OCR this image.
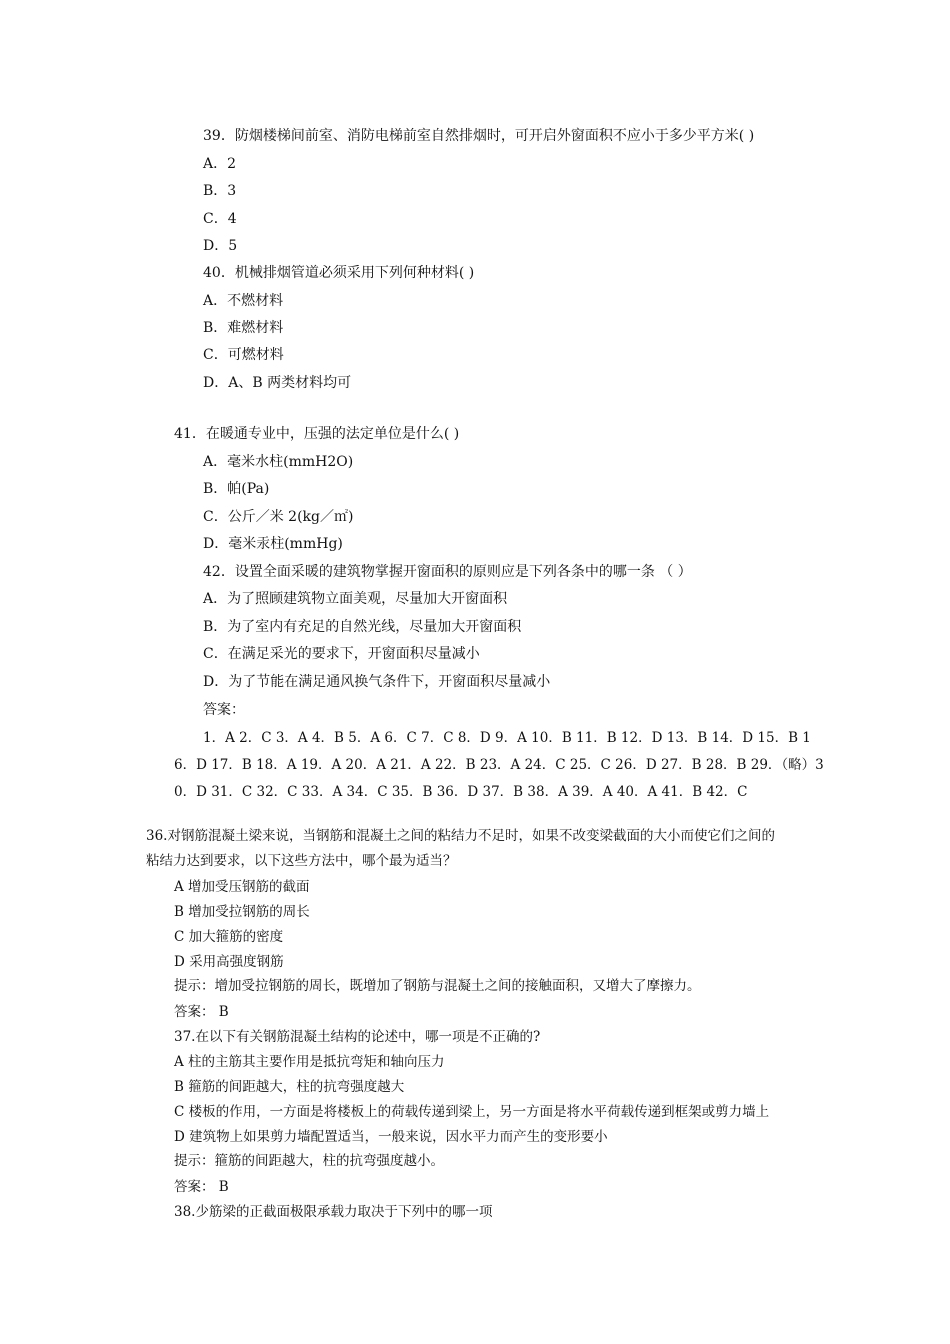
39．防烟楼梯间前室、消防电梯前室自然排烟时，可开启外窗面积不应小于多少平方米( )
A．2
B．3
C．4
D．5
40．机械排烟管道必须采用下列何种材料( )
A．不燃材料
B．难燃材料
C．可燃材料
D．A、B 两类材料均可
41．在暖通专业中，压强的法定单位是什么( )
A．毫米水柱(mmH2O)
B．帕(Pa)
C．公斤／米 2(kg／㎡)
D．毫米汞柱(mmHg)
42．设置全面采暖的建筑物掌握开窗面积的原则应是下列各条中的哪一条 （ ）
A．为了照顾建筑物立面美观，尽量加大开窗面积
B．为了室内有充足的自然光线，尽量加大开窗面积
C．在满足采光的要求下，开窗面积尽量减小
D．为了节能在满足通风换气条件下，开窗面积尽量减小
答案：
1．A 2．C 3．A 4．B 5．A 6．C 7．C 8．D 9．A 10．B 11．B 12．D 13．B 14．D 15．B 1
6．D 17．B 18．A 19．A 20．A 21．A 22．B 23．A 24．C 25．C 26．D 27．B 28．B 29．（略）3
0．D 31．C 32．C 33．A 34．C 35．B 36．D 37．B 38．A 39．A 40．A 41．B 42．C
36.对钢筋混凝土梁来说，当钢筋和混凝土之间的粘结力不足时，如果不改变梁截面的大小而使它们之间的
粘结力达到要求，以下这些方法中，哪个最为适当？
A 增加受压钢筋的截面
B 增加受拉钢筋的周长
C 加大箍筋的密度
D 采用高强度钢筋
提示：增加受拉钢筋的周长，既增加了钢筋与混凝土之间的接触面积，又增大了摩擦力。
答案： B
37.在以下有关钢筋混凝土结构的论述中，哪一项是不正确的?
A 柱的主筋其主要作用是抵抗弯矩和轴向压力
B 箍筋的间距越大，柱的抗弯强度越大
C 楼板的作用，一方面是将楼板上的荷载传递到梁上，另一方面是将水平荷载传递到框架或剪力墙上
D 建筑物上如果剪力墙配置适当，一般来说，因水平力而产生的变形要小
提示：箍筋的间距越大，柱的抗弯强度越小。
答案： B
38.少筋梁的正截面极限承载力取决于下列中的哪一项
